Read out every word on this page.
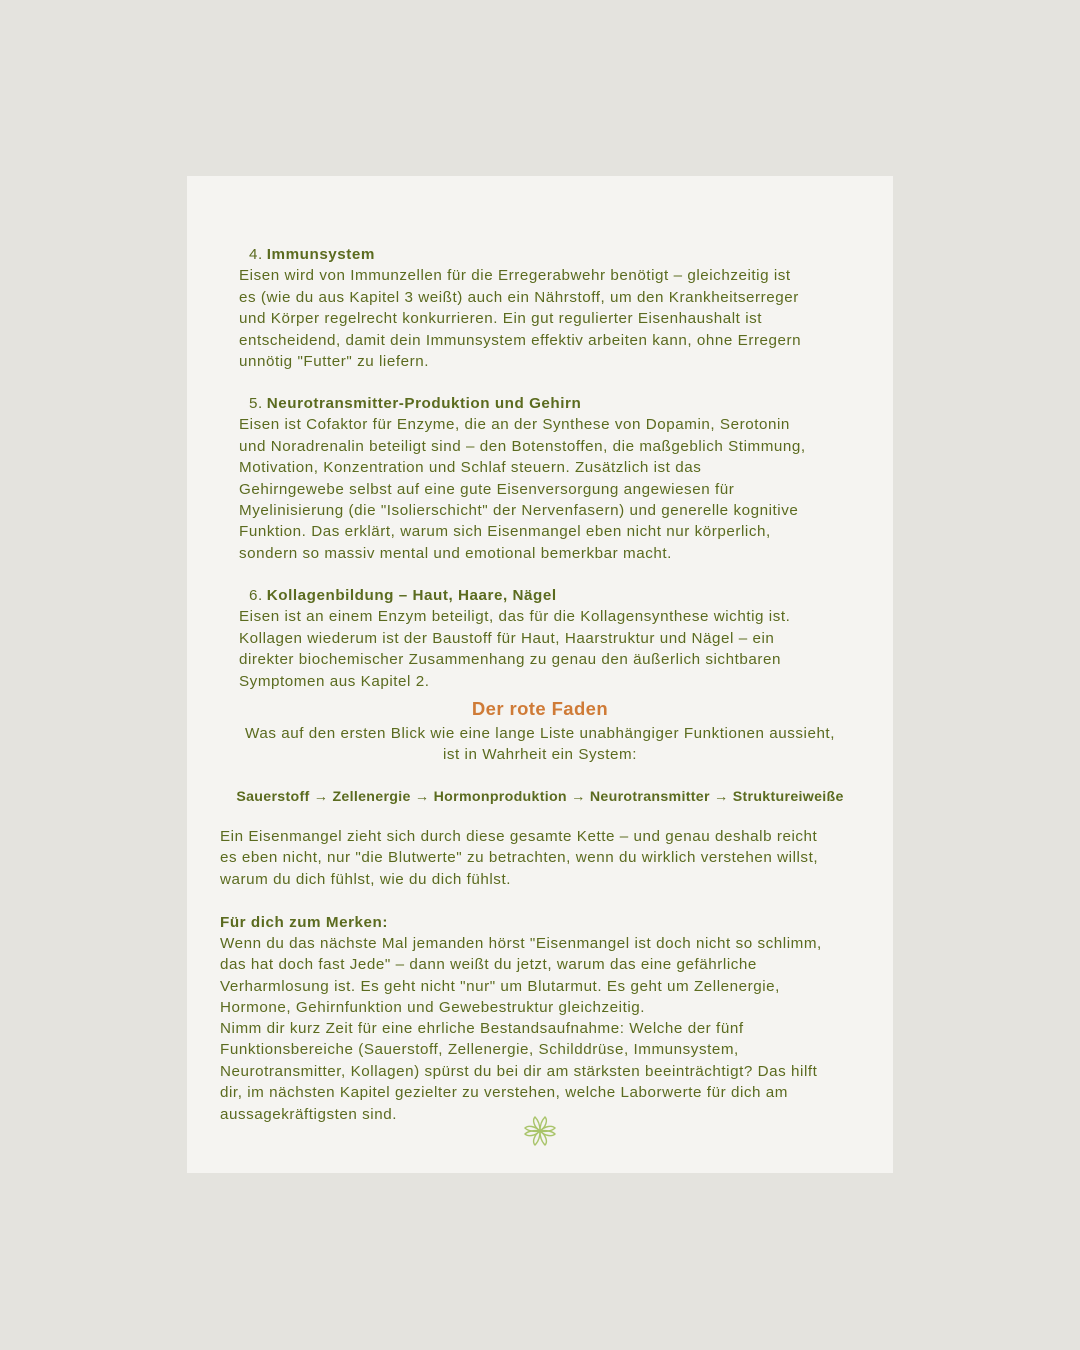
4. Immunsystem
Eisen wird von Immunzellen für die Erregerabwehr benötigt – gleichzeitig ist
es (wie du aus Kapitel 3 weißt) auch ein Nährstoff, um den Krankheitserreger
und Körper regelrecht konkurrieren. Ein gut regulierter Eisenhaushalt ist
entscheidend, damit dein Immunsystem effektiv arbeiten kann, ohne Erregern
unnötig "Futter" zu liefern.
5. Neurotransmitter-Produktion und Gehirn
Eisen ist Cofaktor für Enzyme, die an der Synthese von Dopamin, Serotonin
und Noradrenalin beteiligt sind – den Botenstoffen, die maßgeblich Stimmung,
Motivation, Konzentration und Schlaf steuern. Zusätzlich ist das
Gehirngewebe selbst auf eine gute Eisenversorgung angewiesen für
Myelinisierung (die "Isolierschicht" der Nervenfasern) und generelle kognitive
Funktion. Das erklärt, warum sich Eisenmangel eben nicht nur körperlich,
sondern so massiv mental und emotional bemerkbar macht.
6. Kollagenbildung – Haut, Haare, Nägel
Eisen ist an einem Enzym beteiligt, das für die Kollagensynthese wichtig ist.
Kollagen wiederum ist der Baustoff für Haut, Haarstruktur und Nägel – ein
direkter biochemischer Zusammenhang zu genau den äußerlich sichtbaren
Symptomen aus Kapitel 2.
Der rote Faden
Was auf den ersten Blick wie eine lange Liste unabhängiger Funktionen aussieht,
ist in Wahrheit ein System:
Sauerstoff → Zellenergie → Hormonproduktion → Neurotransmitter → Struktureiweiße
Ein Eisenmangel zieht sich durch diese gesamte Kette – und genau deshalb reicht
es eben nicht, nur "die Blutwerte" zu betrachten, wenn du wirklich verstehen willst,
warum du dich fühlst, wie du dich fühlst.
Für dich zum Merken:
Wenn du das nächste Mal jemanden hörst "Eisenmangel ist doch nicht so schlimm,
das hat doch fast Jede" – dann weißt du jetzt, warum das eine gefährliche
Verharmlosung ist. Es geht nicht "nur" um Blutarmut. Es geht um Zellenergie,
Hormone, Gehirnfunktion und Gewebestruktur gleichzeitig.
Nimm dir kurz Zeit für eine ehrliche Bestandsaufnahme: Welche der fünf
Funktionsbereiche (Sauerstoff, Zellenergie, Schilddrüse, Immunsystem,
Neurotransmitter, Kollagen) spürst du bei dir am stärksten beeinträchtigt? Das hilft
dir, im nächsten Kapitel gezielter zu verstehen, welche Laborwerte für dich am
aussagekräftigsten sind.
